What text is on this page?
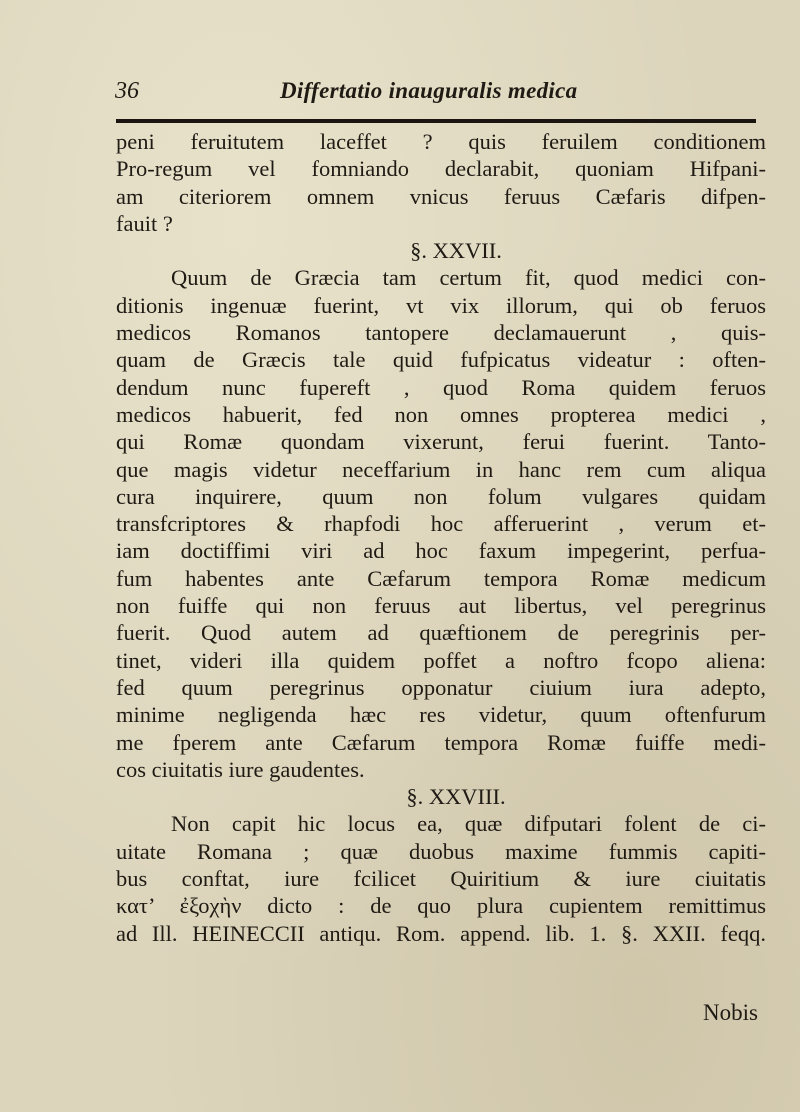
36	Differtatio inauguralis medica
peni feruitutem laceffet ? quis feruilem conditionem
Pro-regum vel fomniando declarabit, quoniam Hifpani-
am citeriorem omnem vnicus feruus Cæfaris difpen-
fauit ?
§. XXVII.
Quum de Græcia tam certum fit, quod medici con-
ditionis ingenuæ fuerint, vt vix illorum, qui ob feruos
medicos Romanos tantopere declamauerunt , quis-
quam de Græcis tale quid fufpicatus videatur : often-
dendum nunc fupereft , quod Roma quidem feruos
medicos habuerit, fed non omnes propterea medici ,
qui Romæ quondam vixerunt, ferui fuerint. Tanto-
que magis videtur neceffarium in hanc rem cum aliqua
cura inquirere, quum non folum vulgares quidam
transfcriptores & rhapfodi hoc afferuerint , verum et-
iam doctiffimi viri ad hoc faxum impegerint, perfua-
fum habentes ante Cæfarum tempora Romæ medicum
non fuiffe qui non feruus aut libertus, vel peregrinus
fuerit. Quod autem ad quæftionem de peregrinis per-
tinet, videri illa quidem poffet a noftro fcopo aliena:
fed quum peregrinus opponatur ciuium iura adepto,
minime negligenda hæc res videtur, quum oftenfurum
me fperem ante Cæfarum tempora Romæ fuiffe medi-
cos ciuitatis iure gaudentes.
§. XXVIII.
Non capit hic locus ea, quæ difputari folent de ci-
uitate Romana ; quæ duobus maxime fummis capiti-
bus conftat, iure fcilicet Quiritium & iure ciuitatis
κατ’ ἐξοχὴν dicto : de quo plura cupientem remittimus
ad Ill. HEINECCII antiqu. Rom. append. lib. 1. §. XXII. feqq.
Nobis
